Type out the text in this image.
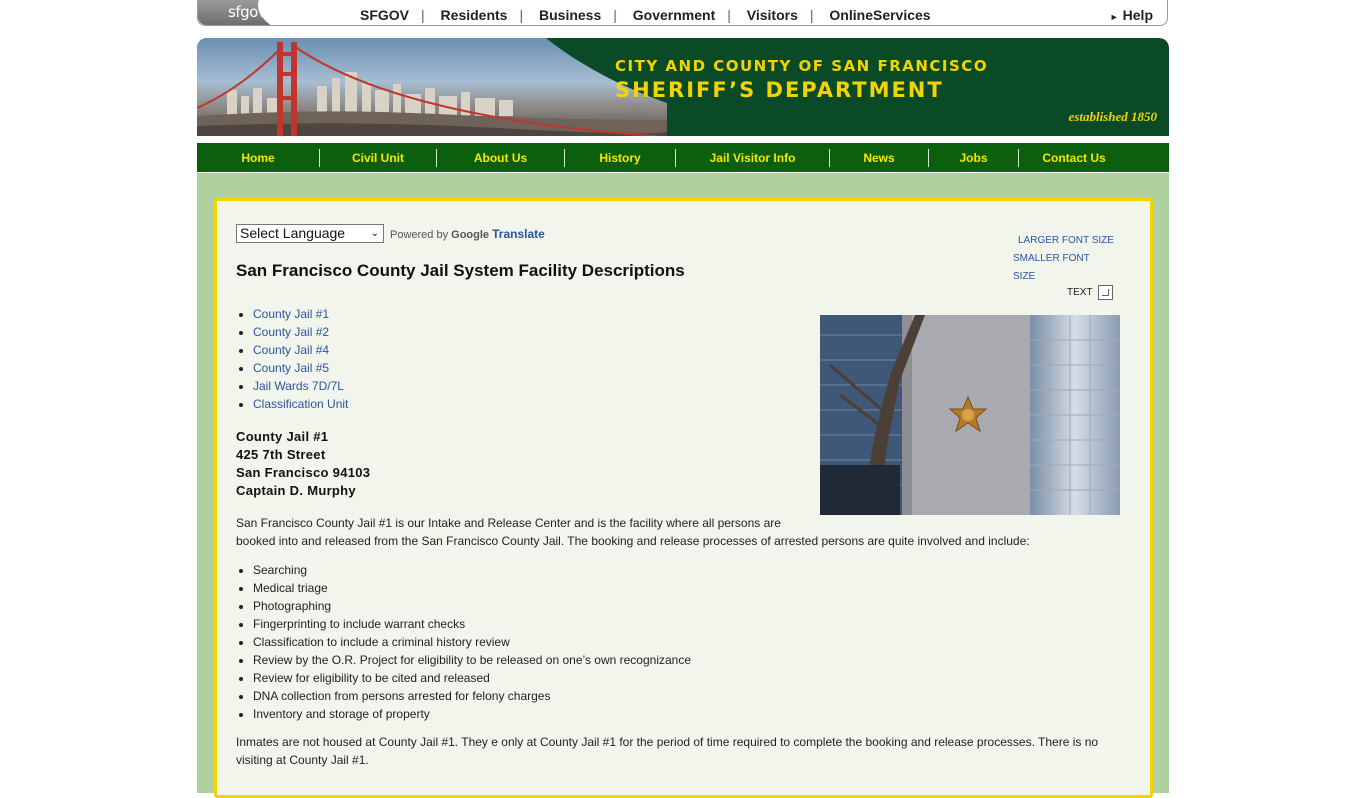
sfgov	SFGOV | Residents | Business | Government | Visitors | OnlineServices	► Help
CITY AND COUNTY OF SAN FRANCISCO
SHERIFF’S DEPARTMENT
established 1850
Home	Civil Unit	About Us	History	Jail Visitor Info	News	Jobs	Contact Us
Select Language	⌄ Powered by Google Translate	LARGER FONT SIZE
SMALLER FONT
SIZE
TEXT
San Francisco County Jail System Facility Descriptions
• County Jail #1
• County Jail #2
• County Jail #4
• County Jail #5
• Jail Wards 7D/7L
• Classification Unit
County Jail #1
425 7th Street
San Francisco 94103
Captain D. Murphy
San Francisco County Jail #1 is our Intake and Release Center and is the facility where all persons are
booked into and released from the San Francisco County Jail. The booking and release processes of arrested persons are quite involved and include:
• Searching
• Medical triage
• Photographing
• Fingerprinting to include warrant checks
• Classification to include a criminal history review
• Review by the O.R. Project for eligibility to be released on one’s own recognizance
• Review for eligibility to be cited and released
• DNA collection from persons arrested for felony charges
• Inventory and storage of property
Inmates are not housed at County Jail #1. They e only at County Jail #1 for the period of time required to complete the booking and release processes. There is no visiting at County Jail #1.
